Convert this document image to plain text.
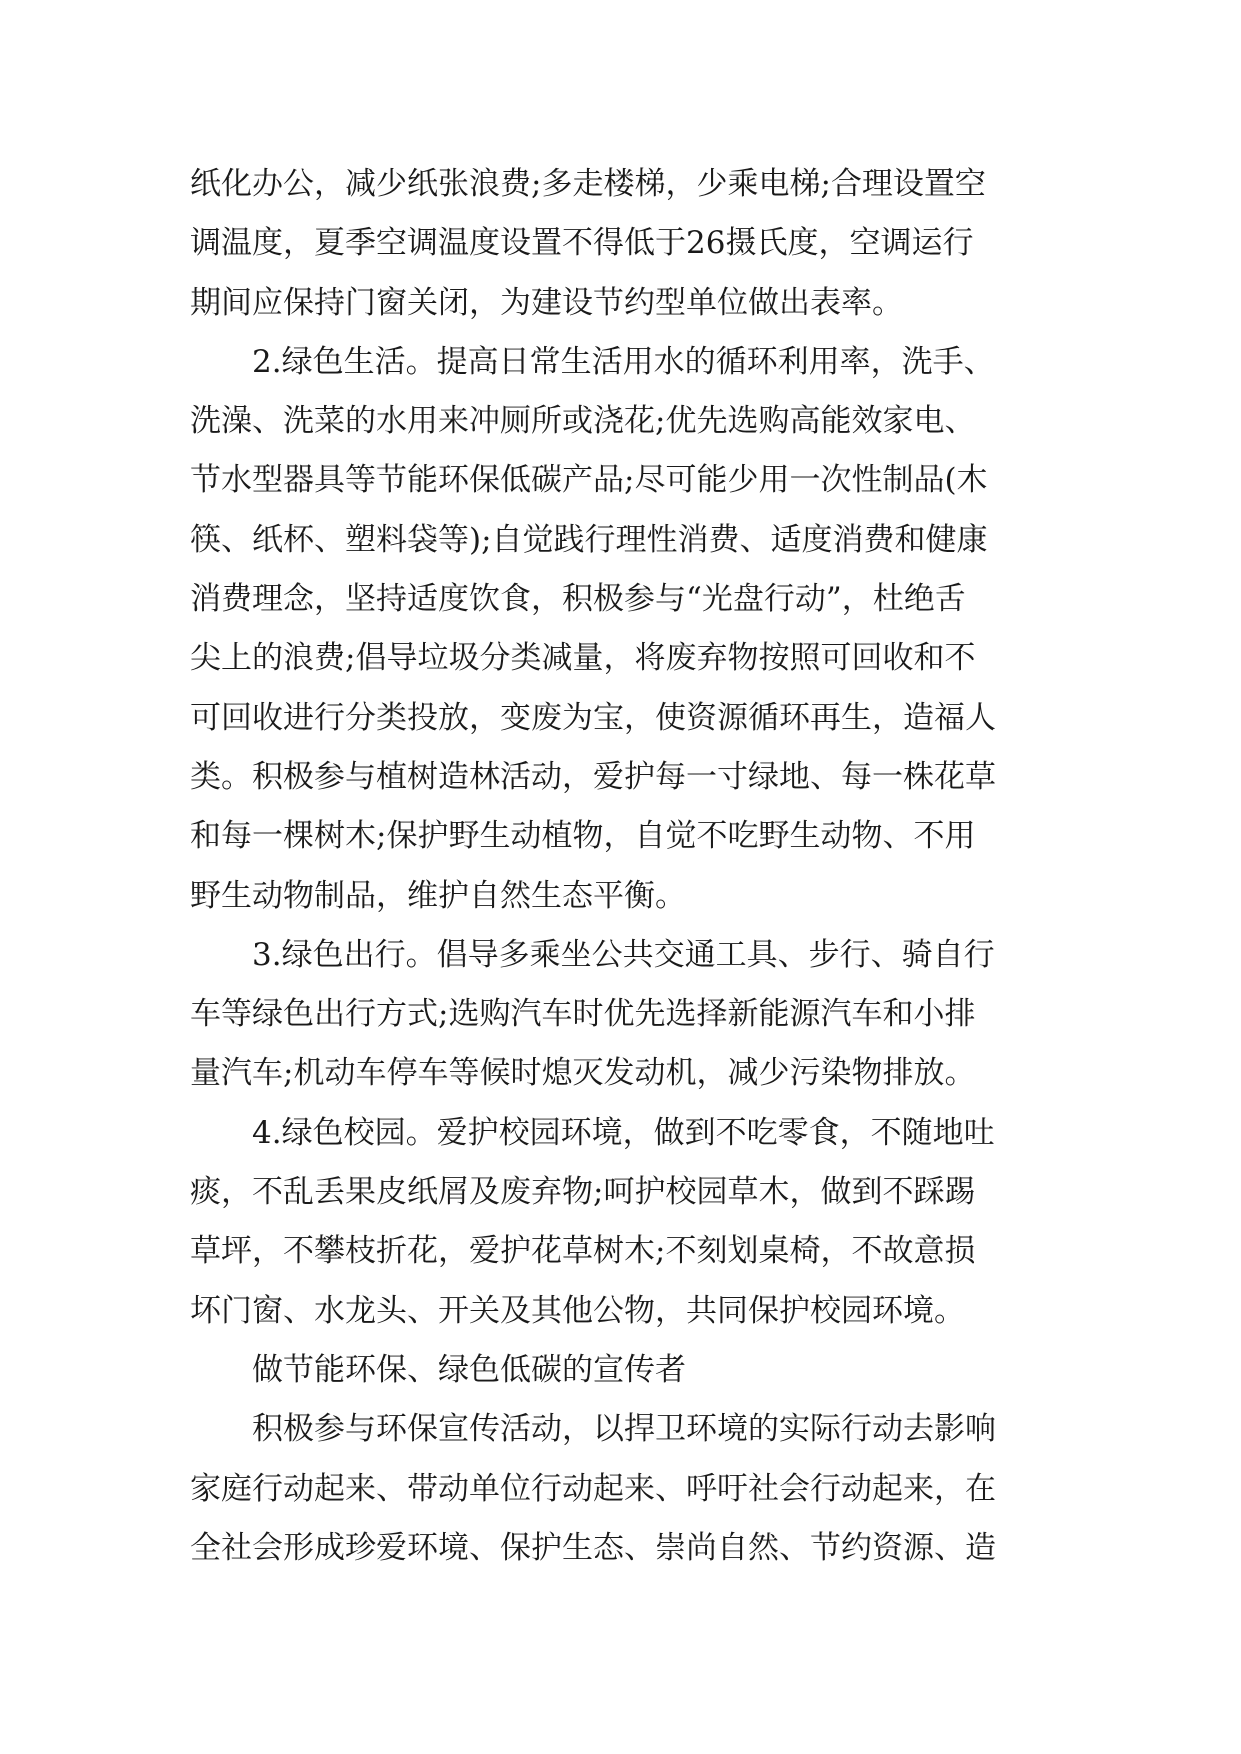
纸化办公，减少纸张浪费;多走楼梯，少乘电梯;合理设置空
调温度，夏季空调温度设置不得低于26摄氏度，空调运行
期间应保持门窗关闭，为建设节约型单位做出表率。
2.绿色生活。提高日常生活用水的循环利用率，洗手、
洗澡、洗菜的水用来冲厕所或浇花;优先选购高能效家电、
节水型器具等节能环保低碳产品;尽可能少用一次性制品(木
筷、纸杯、塑料袋等);自觉践行理性消费、适度消费和健康
消费理念，坚持适度饮食，积极参与“光盘行动”，杜绝舌
尖上的浪费;倡导垃圾分类减量，将废弃物按照可回收和不
可回收进行分类投放，变废为宝，使资源循环再生，造福人
类。积极参与植树造林活动，爱护每一寸绿地、每一株花草
和每一棵树木;保护野生动植物，自觉不吃野生动物、不用
野生动物制品，维护自然生态平衡。
3.绿色出行。倡导多乘坐公共交通工具、步行、骑自行
车等绿色出行方式;选购汽车时优先选择新能源汽车和小排
量汽车;机动车停车等候时熄灭发动机，减少污染物排放。
4.绿色校园。爱护校园环境，做到不吃零食，不随地吐
痰，不乱丢果皮纸屑及废弃物;呵护校园草木，做到不踩踢
草坪，不攀枝折花，爱护花草树木;不刻划桌椅，不故意损
坏门窗、水龙头、开关及其他公物，共同保护校园环境。
做节能环保、绿色低碳的宣传者
积极参与环保宣传活动，以捍卫环境的实际行动去影响
家庭行动起来、带动单位行动起来、呼吁社会行动起来，在
全社会形成珍爱环境、保护生态、崇尚自然、节约资源、造
